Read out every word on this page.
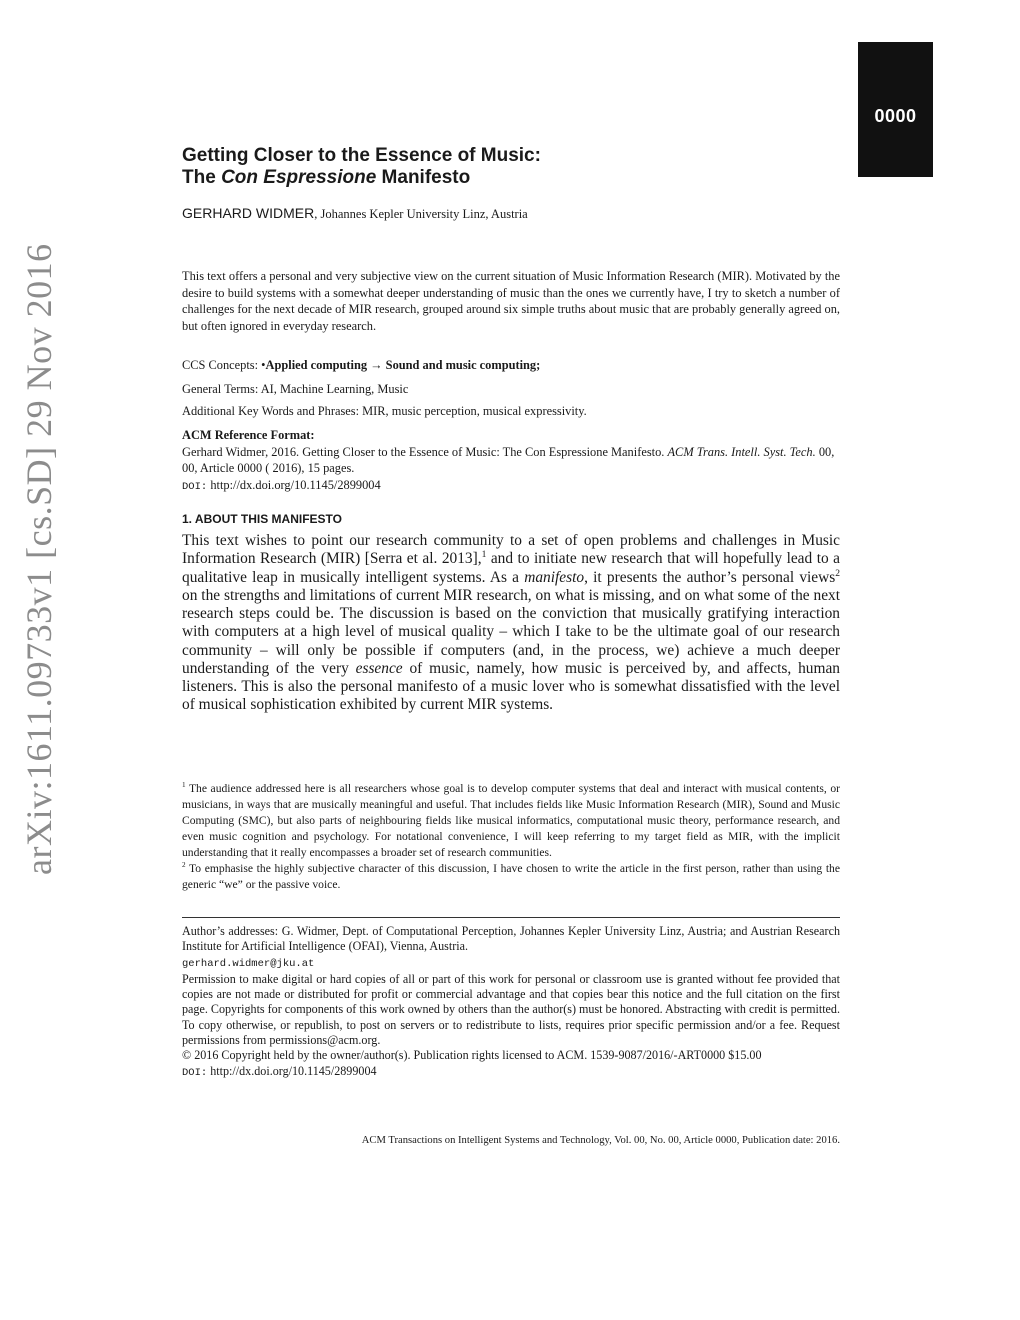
0000
arXiv:1611.09733v1 [cs.SD] 29 Nov 2016
Getting Closer to the Essence of Music:
The Con Espressione Manifesto
GERHARD WIDMER, Johannes Kepler University Linz, Austria

This text offers a personal and very subjective view on the current situation of Music Information Research (MIR). Motivated by the desire to build systems with a somewhat deeper understanding of music than the ones we currently have, I try to sketch a number of challenges for the next decade of MIR research, grouped around six simple truths about music that are probably generally agreed on, but often ignored in everyday research.

CCS Concepts: •Applied computing → Sound and music computing;

General Terms: AI, Machine Learning, Music

Additional Key Words and Phrases: MIR, music perception, musical expressivity.

ACM Reference Format:

Gerhard Widmer, 2016. Getting Closer to the Essence of Music: The Con Espressione Manifesto. ACM Trans. Intell. Syst. Tech. 00, 00, Article 0000 ( 2016), 15 pages.

DOI: http://dx.doi.org/10.1145/2899004

1. ABOUT THIS MANIFESTO

This text wishes to point our research community to a set of open problems and challenges in Music Information Research (MIR) [Serra et al. 2013],$^1$ and to initiate new research that will hopefully lead to a qualitative leap in musically intelligent systems. As a manifesto, it presents the author’s personal views$^2$ on the strengths and limitations of current MIR research, on what is missing, and on what some of the next research steps could be. The discussion is based on the conviction that musically gratifying interaction with computers at a high level of musical quality – which I take to be the ultimate goal of our research community – will only be possible if computers (and, in the process, we) achieve a much deeper understanding of the very essence of music, namely, how music is perceived by, and affects, human listeners. This is also the personal manifesto of a music lover who is somewhat dissatisfied with the level of musical sophistication exhibited by current MIR systems.

$^1$ The audience addressed here is all researchers whose goal is to develop computer systems that deal and interact with musical contents, or musicians, in ways that are musically meaningful and useful. That includes fields like Music Information Research (MIR), Sound and Music Computing (SMC), but also parts of neighbouring fields like musical informatics, computational music theory, performance research, and even music cognition and psychology. For notational convenience, I will keep referring to my target field as MIR, with the implicit understanding that it really encompasses a broader set of research communities.

$^2$ To emphasise the highly subjective character of this discussion, I have chosen to write the article in the first person, rather than using the generic “we” or the passive voice.

Author’s addresses: G. Widmer, Dept. of Computational Perception, Johannes Kepler University Linz, Austria; and Austrian Research Institute for Artificial Intelligence (OFAI), Vienna, Austria.

gerhard.widmer@jku.at

Permission to make digital or hard copies of all or part of this work for personal or classroom use is granted without fee provided that copies are not made or distributed for profit or commercial advantage and that copies bear this notice and the full citation on the first page. Copyrights for components of this work owned by others than the author(s) must be honored. Abstracting with credit is permitted. To copy otherwise, or republish, to post on servers or to redistribute to lists, requires prior specific permission and/or a fee. Request permissions from permissions@acm.org.

© 2016 Copyright held by the owner/author(s). Publication rights licensed to ACM. 1539-9087/2016/-ART0000 $15.00

DOI: http://dx.doi.org/10.1145/2899004

ACM Transactions on Intelligent Systems and Technology, Vol. 00, No. 00, Article 0000, Publication date: 2016.
